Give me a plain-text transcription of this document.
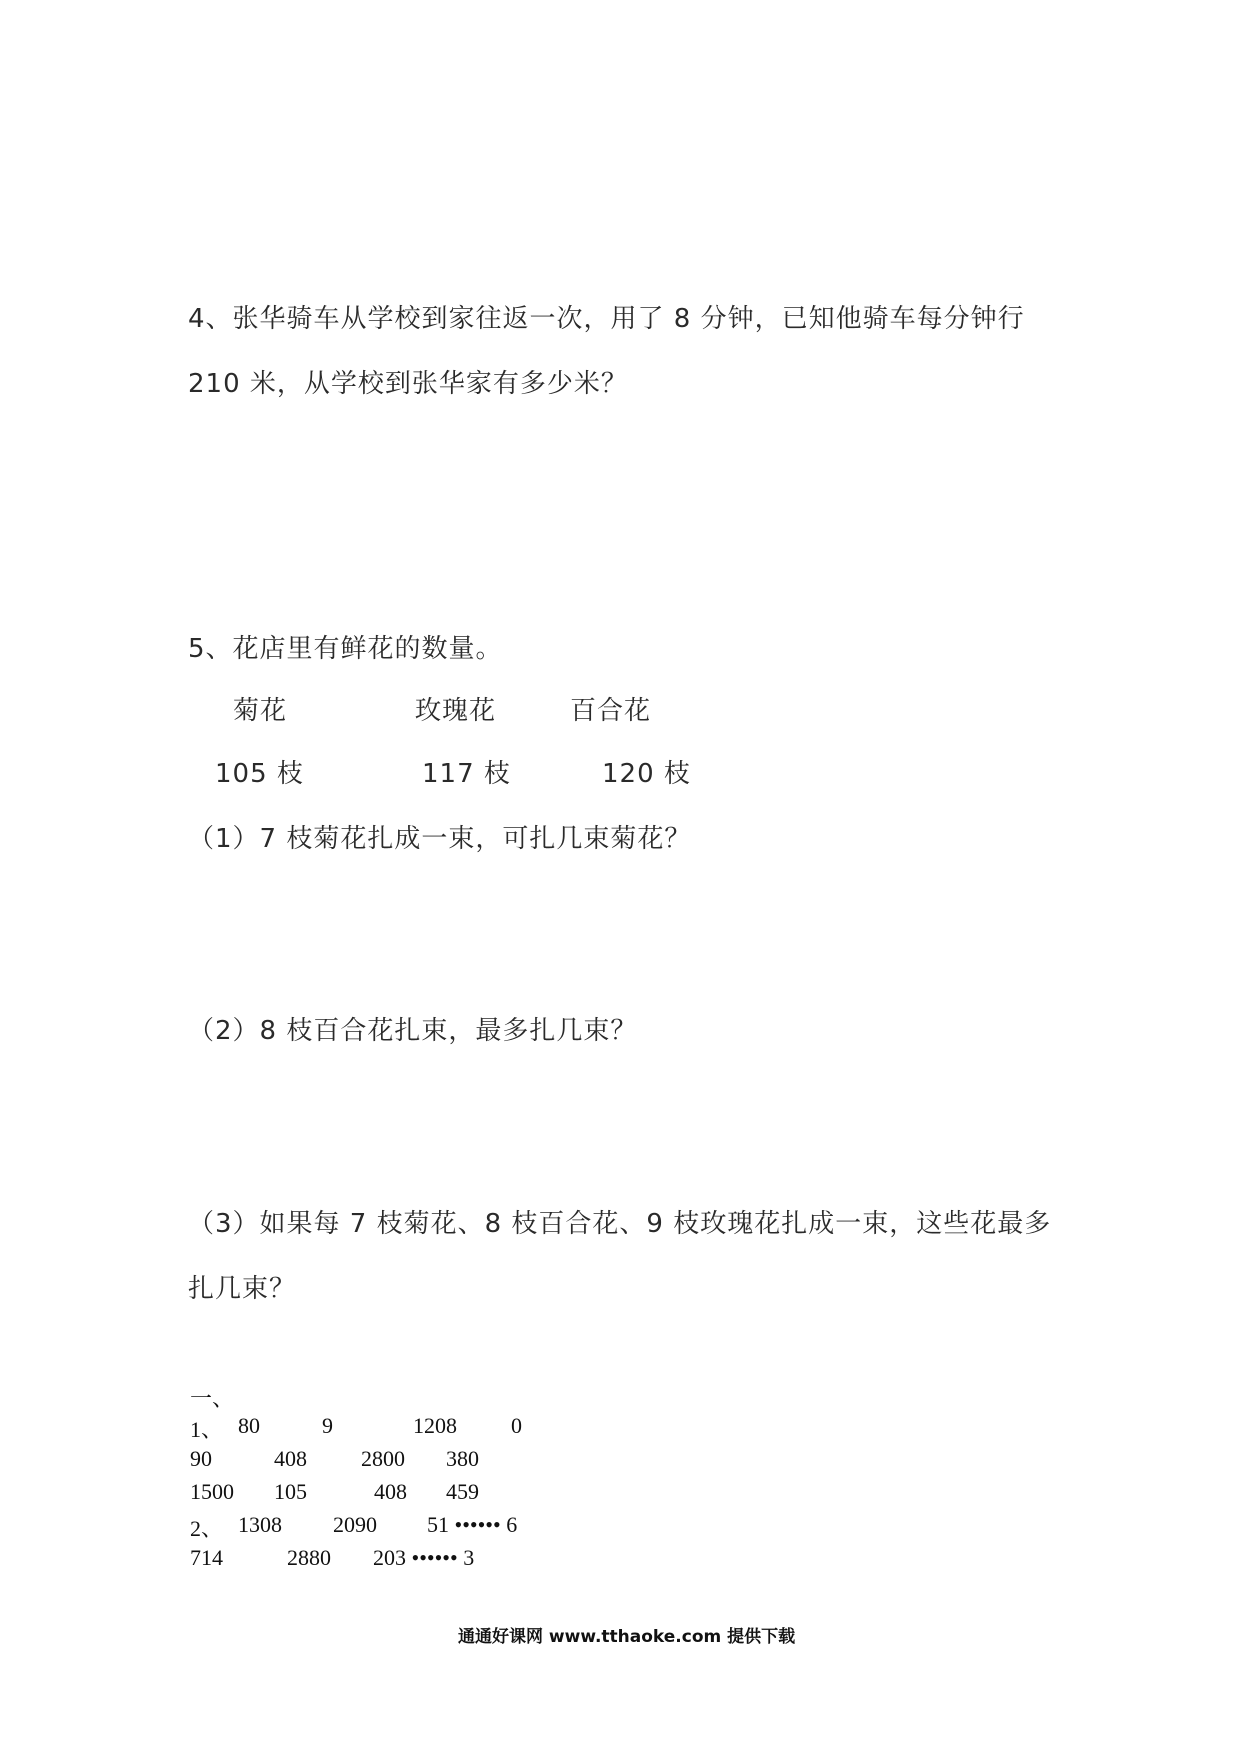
4、张华骑车从学校到家往返一次，用了 8 分钟，已知他骑车每分钟行
210 米，从学校到张华家有多少米？
5、花店里有鲜花的数量。
菊花	玫瑰花	百合花
105 枝	117 枝	120 枝
（1）7 枝菊花扎成一束，可扎几束菊花？
（2）8 枝百合花扎束，最多扎几束？
（3）如果每 7 枝菊花、8 枝百合花、9 枝玫瑰花扎成一束，这些花最多
扎几束？
一、
1、 80	9	1208 0
90	408 2800 380
1500 105	408 459
2、 1308 2090 51 •••••• 6
714	2880 203 •••••• 3
通通好课网 www.tthaoke.com 提供下载
